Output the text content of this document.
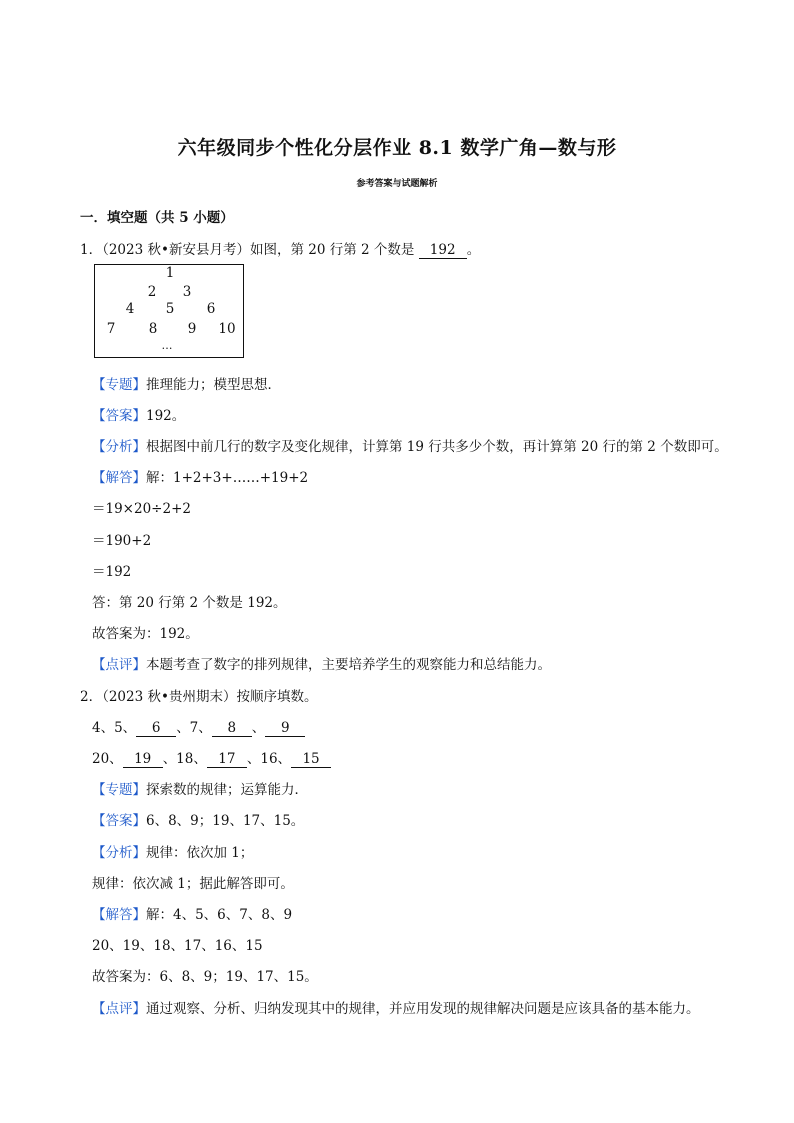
六年级同步个性化分层作业 8.1 数学广角—数与形
参考答案与试题解析
一．填空题（共 5 小题）
1．（2023 秋•新安县月考）如图，第 20 行第 2 个数是 192 。
1
2 3
4 5 6
7 8 9 10
…
【专题】推理能力；模型思想．
【答案】192。
【分析】根据图中前几行的数字及变化规律，计算第 19 行共多少个数，再计算第 20 行的第 2 个数即可。
【解答】解：1+2+3+……+19+2
＝19×20÷2+2
＝190+2
＝192
答：第 20 行第 2 个数是 192。
故答案为：192。
【点评】本题考查了数字的排列规律，主要培养学生的观察能力和总结能力。
2．（2023 秋•贵州期末）按顺序填数。
4、5、 6 、7、 8 、 9
20、 19 、18、 17 、16、 15
【专题】探索数的规律；运算能力．
【答案】6、8、9；19、17、15。
【分析】规律：依次加 1；
规律：依次减 1；据此解答即可。
【解答】解：4、5、6、7、8、9
20、19、18、17、16、15
故答案为：6、8、9；19、17、15。
【点评】通过观察、分析、归纳发现其中的规律，并应用发现的规律解决问题是应该具备的基本能力。
